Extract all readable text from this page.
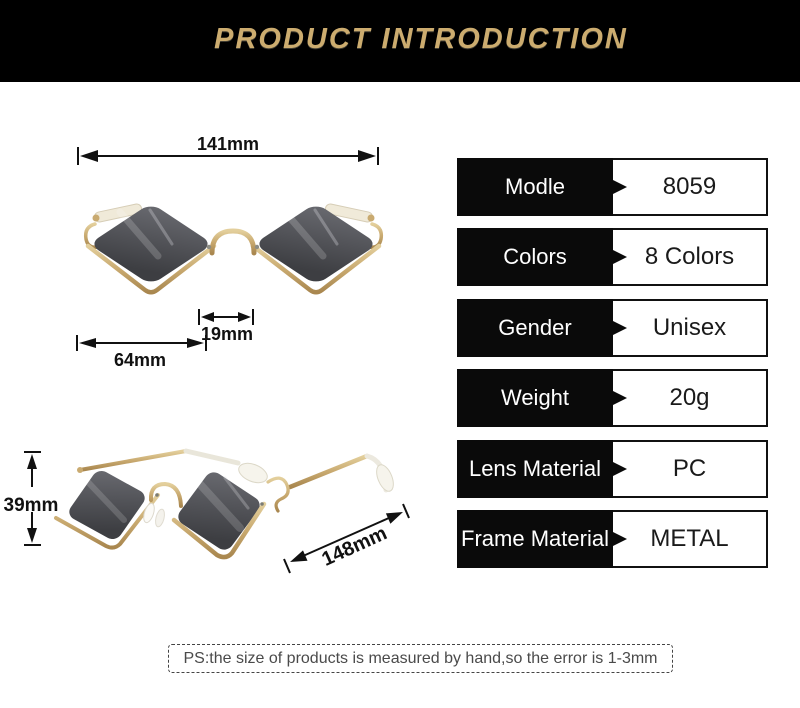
PRODUCT INTRODUCTION
141mm
19mm
64mm
39mm
148mm
Modle	8059
Colors	8 Colors
Gender	Unisex
Weight	20g
Lens Material	PC
Frame Material	METAL
PS:the size of products is measured by hand,so the error is 1-3mm
